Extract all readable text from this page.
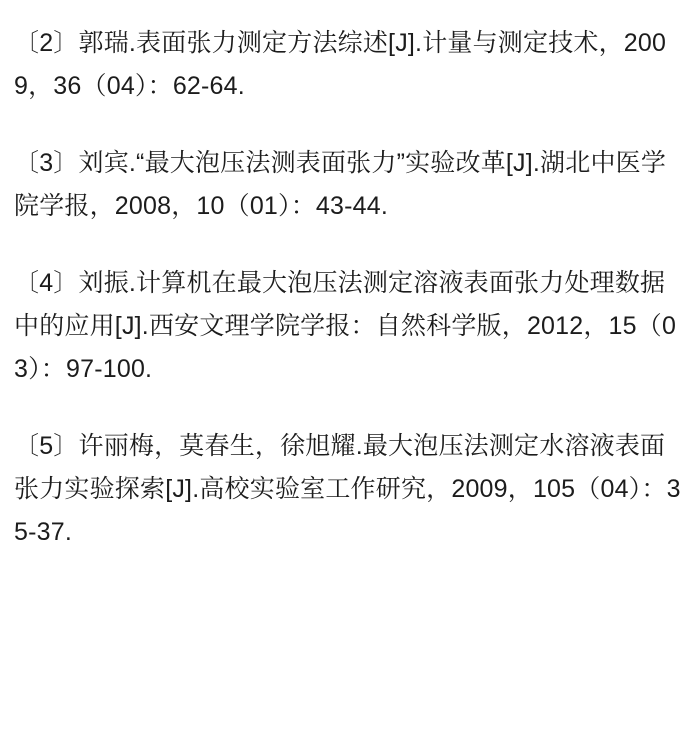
〔2〕郭瑞.表面张力测定方法综述[J].计量与测定技术，2009，36（04）：62-64.

〔3〕刘宾.“最大泡压法测表面张力”实验改革[J].湖北中医学院学报，2008，10（01）：43-44.

〔4〕刘振.计算机在最大泡压法测定溶液表面张力处理数据中的应用[J].西安文理学院学报：自然科学版，2012，15（03）：97-100.

〔5〕许丽梅，莫春生，徐旭耀.最大泡压法测定水溶液表面张力实验探索[J].高校实验室工作研究，2009，105（04）：35-37.
